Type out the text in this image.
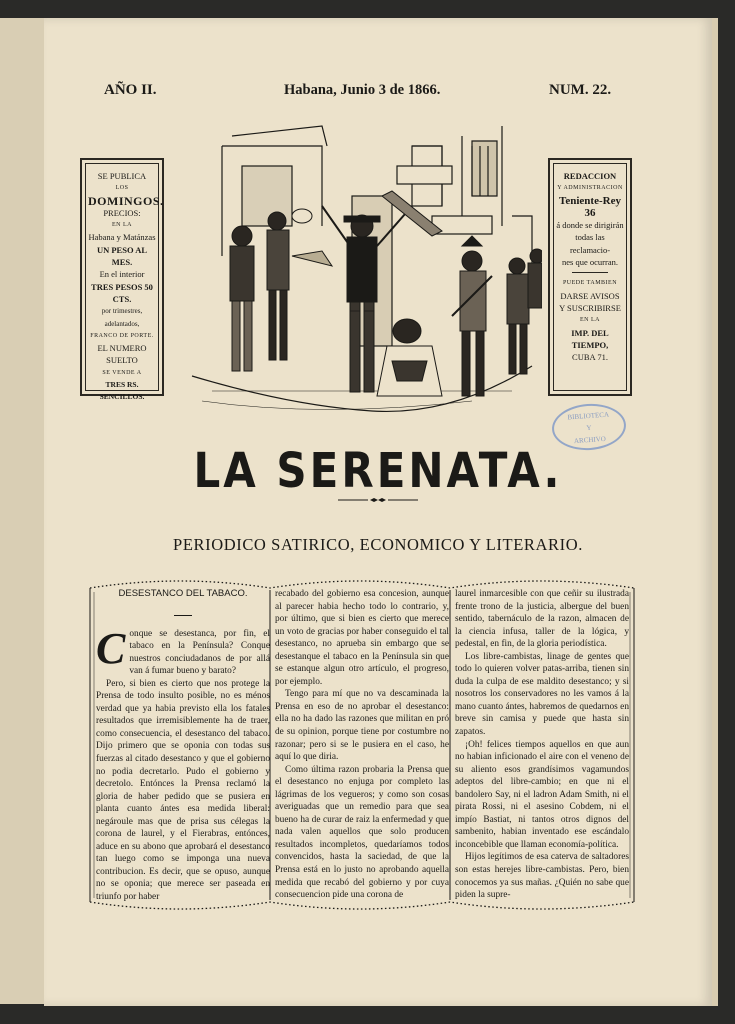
AÑO II.	Habana, Junio 3 de 1866.	NUM. 22.
SE PUBLICA
LOS
DOMINGOS.
PRECIOS:
EN LA
Habana y Matánzas
UN PESO AL MES.
En el interior
TRES PESOS 50 CTS.
por trimestres, adelantados,
FRANCO DE PORTE.
EL NUMERO SUELTO
SE VENDE A
TRES RS. SENCILLOS.
REDACCION
Y ADMINISTRACION
Teniente-Rey 36
á donde se dirigirán
todas las reclamacio-
nes que ocurran.
PUEDE TAMBIEN
DARSE AVISOS
Y SUSCRIBIRSE
EN LA
IMP. DEL TIEMPO,
CUBA 71.
BIBLIOTECA
Y
ARCHIVO
LA SERENATA.
PERIODICO SATIRICO, ECONOMICO Y LITERARIO.

DESESTANCO DEL TABACO.

Conque se desestanca, por fin, el tabaco en la Península? Conque nuestros conciudadanos de por allá van á fumar bueno y barato?

Pero, si bien es cierto que nos protege la Prensa de todo insulto posible, no es ménos verdad que ya habia previsto ella los fatales resultados que irremisiblemente ha de traer, como consecuencia, el desestanco del tabaco. Dijo primero que se oponia con todas sus fuerzas al citado desestanco y que el gobierno no podia decretarlo. Pudo el gobierno y decretolo. Entónces la Prensa reclamó la gloria de haber pedido que se pusiera en planta cuanto ántes esa medida liberal: negároule mas que de prisa sus célegas la corona de laurel, y el Fierabras, entónces, aduce en su abono que aprobará el desestanco tan luego como se imponga una nueva contribucion. Es decir, que se opuso, aunque no se oponia; que merece ser paseada en triunfo por haber

recabado del gobierno esa concesion, aunque al parecer habia hecho todo lo contrario, y, por último, que si bien es cierto que merece un voto de gracias por haber conseguido el tal desestanco, no aprueba sin embargo que se desestanque el tabaco en la Península sin que se estanque algun otro artículo, el progreso, por ejemplo.

Tengo para mí que no va descaminada la Prensa en eso de no aprobar el desestanco: ella no ha dado las razones que militan en pró de su opinion, porque tiene por costumbre no razonar; pero si se le pusiera en el caso, he aquí lo que diria.

Como última razon probaria la Prensa que el desestanco no enjuga por completo las lágrimas de los vegueros; y como son cosas averiguadas que un remedio para que sea bueno ha de curar de raiz la enfermedad y que nada valen aquellos que solo producen resultados incompletos, quedaríamos todos convencidos, hasta la saciedad, de que la Prensa está en lo justo no aprobando aquella medida que recabó del gobierno y por cuya consecuencion pide una corona de

laurel inmarcesible con que ceñir su ilustrada frente trono de la justicia, albergue del buen sentido, tabernáculo de la razon, almacen de la ciencia infusa, taller de la lógica, y pedestal, en fin, de la gloria periodística.

Los libre-cambistas, linage de gentes que todo lo quieren volver patas-arriba, tienen sin duda la culpa de ese maldito desestanco; y si nosotros los conservadores no les vamos á la mano cuanto ántes, habremos de quedarnos en breve sin camisa y puede que hasta sin zapatos.

¡Oh! felices tiempos aquellos en que aun no habian inficionado el aire con el veneno de su aliento esos grandísimos vagamundos adeptos del libre-cambio; en que ni el bandolero Say, ni el ladron Adam Smith, ni el pirata Rossi, ni el asesino Cobdem, ni el impío Bastiat, ni tantos otros dignos del sambenito, habian inventado ese escándalo inconcebible que llaman economía-política.

Hijos legítimos de esa caterva de saltadores son estas herejes libre-cambistas. Pero, bien conocemos ya sus mañas. ¿Quién no sabe que piden la supre-
